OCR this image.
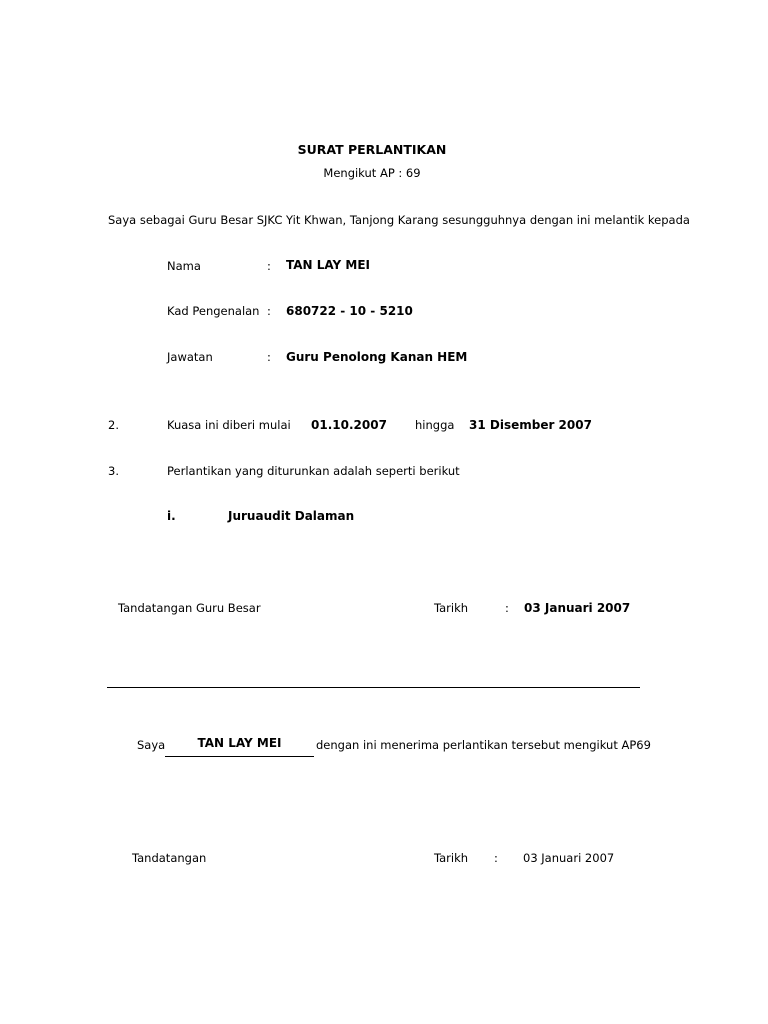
SURAT PERLANTIKAN
Mengikut AP : 69
Saya sebagai Guru Besar SJKC Yit Khwan, Tanjong Karang sesungguhnya dengan ini melantik kepada
Nama	: TAN LAY MEI
Kad Pengenalan : 680722 - 10 - 5210
Jawatan	: Guru Penolong Kanan HEM
2.	Kuasa ini diberi mulai 01.10.2007 hingga 31 Disember 2007
3.	Perlantikan yang diturunkan adalah seperti berikut
i.	Juruaudit Dalaman
Tandatangan Guru Besar	Tarikh	: 03 Januari 2007
Saya	TAN LAY MEI	dengan ini menerima perlantikan tersebut mengikut AP69
Tandatangan	Tarikh : 03 Januari 2007
